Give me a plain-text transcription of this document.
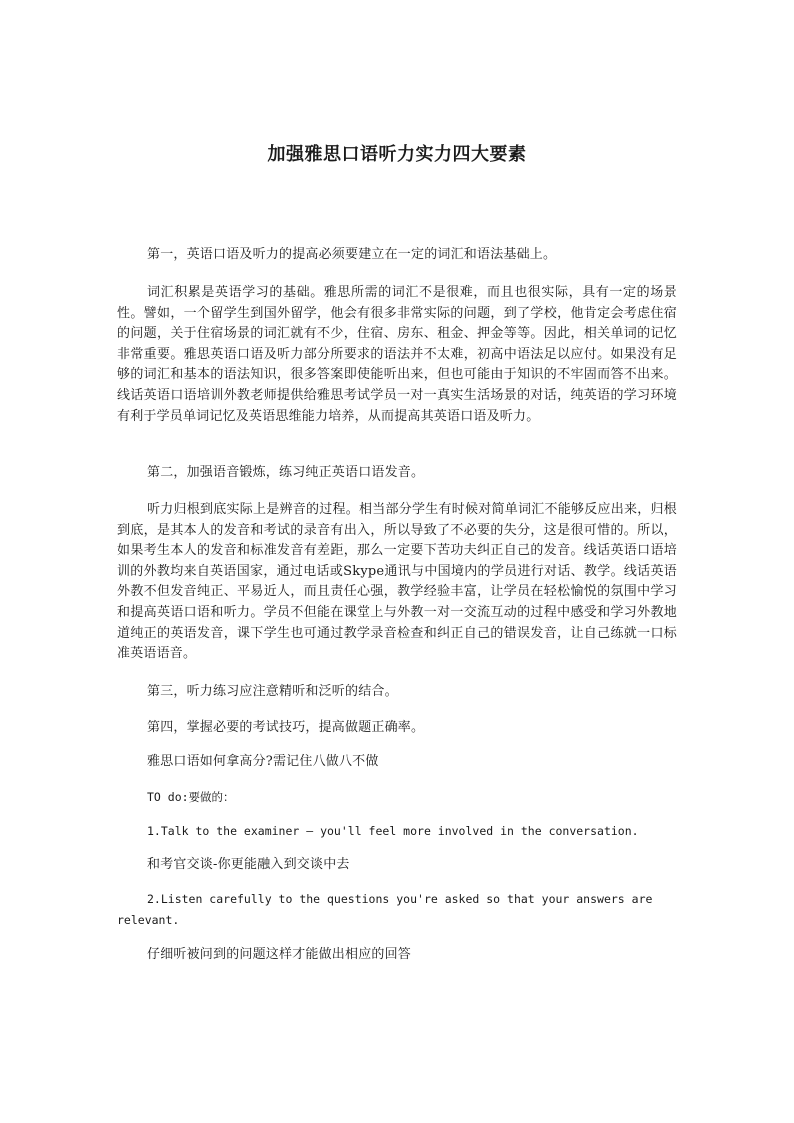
加强雅思口语听力实力四大要素

第一，英语口语及听力的提高必须要建立在一定的词汇和语法基础上。

词汇积累是英语学习的基础。雅思所需的词汇不是很难，而且也很实际，具有一定的场景性。譬如，一个留学生到国外留学，他会有很多非常实际的问题，到了学校，他肯定会考虑住宿的问题，关于住宿场景的词汇就有不少，住宿、房东、租金、押金等等。因此，相关单词的记忆非常重要。雅思英语口语及听力部分所要求的语法并不太难，初高中语法足以应付。如果没有足够的词汇和基本的语法知识，很多答案即使能听出来，但也可能由于知识的不牢固而答不出来。线话英语口语培训外教老师提供给雅思考试学员一对一真实生活场景的对话，纯英语的学习环境有利于学员单词记忆及英语思维能力培养，从而提高其英语口语及听力。

第二，加强语音锻炼，练习纯正英语口语发音。

听力归根到底实际上是辨音的过程。相当部分学生有时候对简单词汇不能够反应出来，归根到底，是其本人的发音和考试的录音有出入，所以导致了不必要的失分，这是很可惜的。所以，如果考生本人的发音和标准发音有差距，那么一定要下苦功夫纠正自己的发音。线话英语口语培训的外教均来自英语国家，通过电话或Skype通讯与中国境内的学员进行对话、教学。线话英语外教不但发音纯正、平易近人，而且责任心强，教学经验丰富，让学员在轻松愉悦的氛围中学习和提高英语口语和听力。学员不但能在课堂上与外教一对一交流互动的过程中感受和学习外教地道纯正的英语发音，课下学生也可通过教学录音检查和纠正自己的错误发音，让自己练就一口标准英语语音。

第三，听力练习应注意精听和泛听的结合。

第四，掌握必要的考试技巧，提高做题正确率。

雅思口语如何拿高分?需记住八做八不做

TO do:要做的：

1.Talk to the examiner – you'll feel more involved in the conversation.

和考官交谈-你更能融入到交谈中去

2.Listen carefully to the questions you're asked so that your answers are relevant.

仔细听被问到的问题这样才能做出相应的回答
